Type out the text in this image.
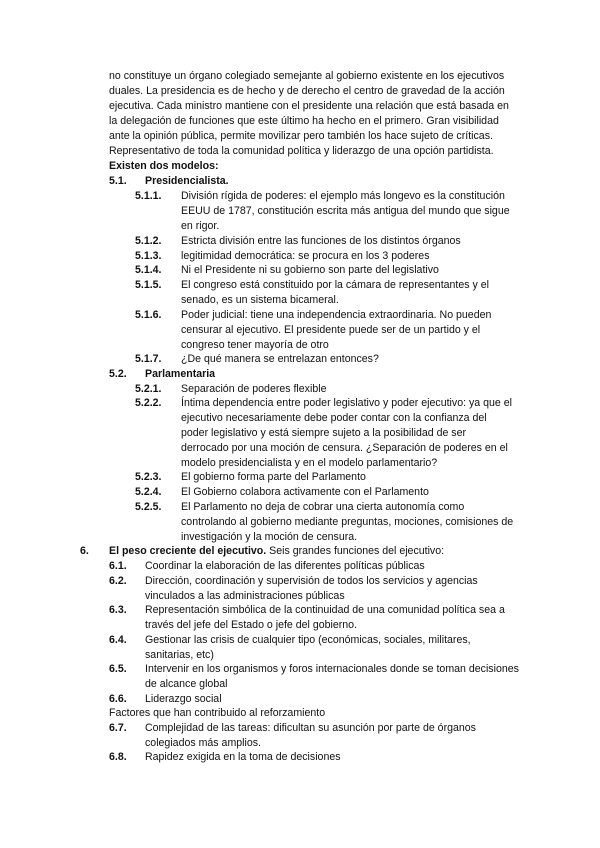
no constituye un órgano colegiado semejante al gobierno existente en los ejecutivos duales. La presidencia es de hecho y de derecho el centro de gravedad de la acción ejecutiva. Cada ministro mantiene con el presidente una relación que está basada en la delegación de funciones que este último ha hecho en el primero. Gran visibilidad ante la opinión pública, permite movilizar pero también los hace sujeto de críticas.

Representativo de toda la comunidad política y liderazgo de una opción partidista.

Existen dos modelos:
5.1.	Presidencialista.
5.1.1.	División rígida de poderes: el ejemplo más longevo es la constitución EEUU de 1787, constitución escrita más antigua del mundo que sigue en rigor.
5.1.2.	Estricta división entre las funciones de los distintos órganos
5.1.3.	legitimidad democrática: se procura en los 3 poderes
5.1.4.	Ni el Presidente ni su gobierno son parte del legislativo
5.1.5.	El congreso está constituido por la cámara de representantes y el senado, es un sistema bicameral.
5.1.6.	Poder judicial: tiene una independencia extraordinaria. No pueden censurar al ejecutivo. El presidente puede ser de un partido y el congreso tener mayoría de otro
5.1.7.	¿De qué manera se entrelazan entonces?
5.2.	Parlamentaria
5.2.1.	Separación de poderes flexible
5.2.2.	Íntima dependencia entre poder legislativo y poder ejecutivo: ya que el ejecutivo necesariamente debe poder contar con la confianza del poder legislativo y está siempre sujeto a la posibilidad de ser derrocado por una moción de censura. ¿Separación de poderes en el modelo presidencialista y en el modelo parlamentario?
5.2.3.	El gobierno forma parte del Parlamento
5.2.4.	El Gobierno colabora activamente con el Parlamento
5.2.5.	El Parlamento no deja de cobrar una cierta autonomía como controlando al gobierno mediante preguntas, mociones, comisiones de investigación y la moción de censura.
6.	El peso creciente del ejecutivo. Seis grandes funciones del ejecutivo:
6.1.	Coordinar la elaboración de las diferentes políticas públicas
6.2.	Dirección, coordinación y supervisión de todos los servicios y agencias vinculados a las administraciones públicas
6.3.	Representación simbólica de la continuidad de una comunidad política sea a través del jefe del Estado o jefe del gobierno.
6.4.	Gestionar las crisis de cualquier tipo (económicas, sociales, militares, sanitarias, etc)
6.5.	Intervenir en los organismos y foros internacionales donde se toman decisiones de alcance global
6.6.	Liderazgo social
Factores que han contribuido al reforzamiento
6.7.	Complejidad de las tareas: dificultan su asunción por parte de órganos colegiados más amplios.
6.8.	Rapidez exigida en la toma de decisiones
